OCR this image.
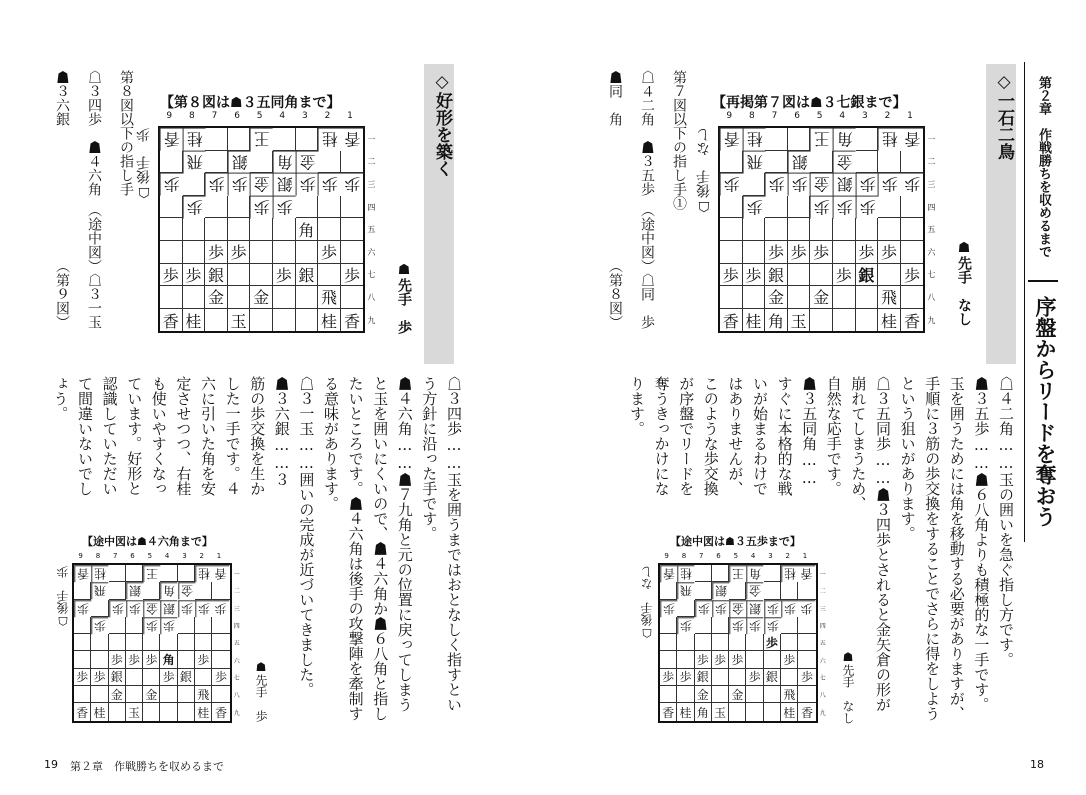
第８図以下の指し手
☖３四歩　☗４六角　（途中図）☖３一玉
☗３六銀　　　　　　　　　　（第９図）	【第８図は☗３五同角まで】
☗先手　歩
☖後手　歩	◇好形を築く
☖３四歩……玉を囲うまではおとなしく指すとい
う方針に沿った手です。
☗４六角……☗７九角と元の位置に戻ってしまう
と玉を囲いにくいので、☗４六角か☗６八角と指し
たいところです。☗４六角は後手の攻撃陣を牽制す
る意味があります。
☖３一玉……囲いの完成が近づいてきました。
☗３六銀……３
筋の歩交換を生か
した一手です。４
六に引いた角を安
定させつつ、右桂
も使いやすくなっ
ています。好形と
認識していただい
て間違いないでし
ょう。
【途中図は☗４六角まで】
☗先手　歩
☖後手　歩
19 第２章　作戦勝ちを収めるまで
第２章　作戦勝ちを収めるまで
序盤からリードを奪おう
◇一石二鳥
第７図以下の指し手①
☖４二角　☗３五歩　（途中図）☖同　歩
☗同　角　　　　　　　　　　（第８図）	【再掲第７図は☗３七銀まで】
☗先手　なし
☖後手　なし
☖４二角……玉の囲いを急ぐ指し方です。
☗３五歩……☗６八角よりも積極的な一手です。
玉を囲うためには角を移動する必要がありますが、
手順に３筋の歩交換をすることでさらに得をしよう
という狙いがあります。
☖３五同歩……☗３四歩とされると金矢倉の形が
崩れてしまうため、
自然な応手です。
☗３五同角……
すぐに本格的な戦
いが始まるわけで
はありませんが、
このような歩交換
が序盤でリードを
奪うきっかけにな
ります。
【途中図は☗３五歩まで】
☗先手　なし
☖後手　なし
18
9	8	7	6	5	4	3	2	1
香 桂	王	桂 香
飛 銀 角 金
歩 歩 歩 金 銀 歩 歩 歩
歩	歩 歩
角
歩 歩	歩
歩 歩 銀	歩 銀 歩
金 金	飛
香 桂 玉	桂 香
一
二
三
四
五
六
七
八
九
9	8	7	6	5	4	3	2	1
香 桂	王 角 桂 香
飛 銀 金
歩 歩 歩 金 銀 歩 歩 歩
歩	歩 歩 歩
歩 歩 歩 歩 歩
歩 歩 銀	歩 銀 歩
金 金	飛
香 桂 角 玉	桂 香
一
二
三
四
五
六
七
八
九
9	8	7	6	5	4	3	2	1
香 桂	王	桂 香
飛 銀 角 金
歩 歩 歩 金 銀 歩 歩 歩
歩	歩 歩
歩 歩 歩 角 歩
歩 歩 銀	歩 銀 歩
金 金	飛
香 桂 玉	桂 香
一
二
三
四
五
六
七
八
九
9	8	7	6	5	4	3	2	1
香 桂	王 角 桂 香
飛 銀 金
歩 歩 歩 金 銀 歩 歩 歩
歩	歩 歩 歩
歩
歩 歩 歩	歩
歩 歩 銀	歩 銀 歩
金 金	飛
香 桂 角 玉	桂 香
一
二
三
四
五
六
七
八
九
